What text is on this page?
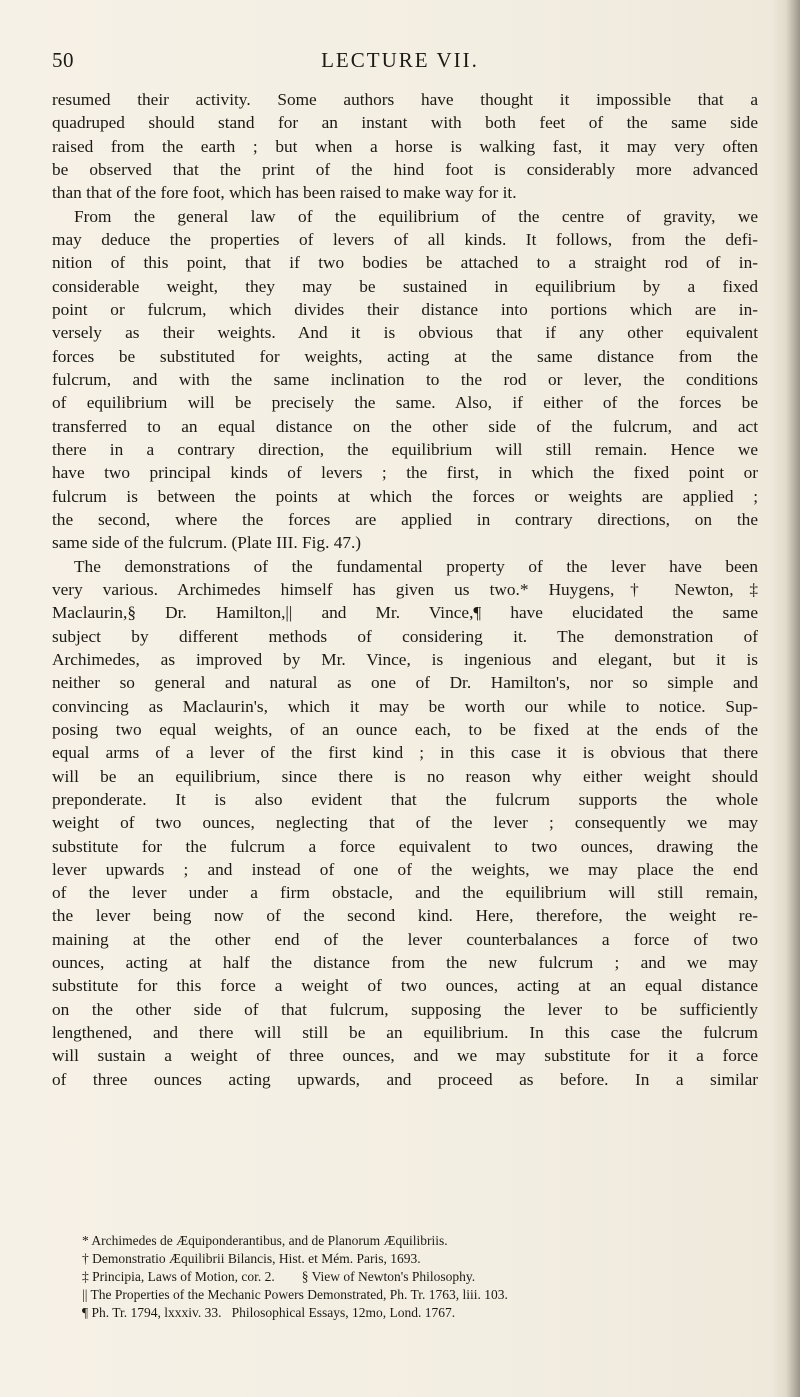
50	LECTURE VII.
resumed their activity. Some authors have thought it impossible that a
quadruped should stand for an instant with both feet of the same side
raised from the earth ; but when a horse is walking fast, it may very often
be observed that the print of the hind foot is considerably more advanced
than that of the fore foot, which has been raised to make way for it.
From the general law of the equilibrium of the centre of gravity, we
may deduce the properties of levers of all kinds. It follows, from the defi-
nition of this point, that if two bodies be attached to a straight rod of in-
considerable weight, they may be sustained in equilibrium by a fixed
point or fulcrum, which divides their distance into portions which are in-
versely as their weights. And it is obvious that if any other equivalent
forces be substituted for weights, acting at the same distance from the
fulcrum, and with the same inclination to the rod or lever, the conditions
of equilibrium will be precisely the same. Also, if either of the forces be
transferred to an equal distance on the other side of the fulcrum, and act
there in a contrary direction, the equilibrium will still remain. Hence we
have two principal kinds of levers ; the first, in which the fixed point or
fulcrum is between the points at which the forces or weights are applied ;
the second, where the forces are applied in contrary directions, on the
same side of the fulcrum. (Plate III. Fig. 47.)
The demonstrations of the fundamental property of the lever have been
very various. Archimedes himself has given us two.* Huygens,† Newton,‡
Maclaurin,§ Dr. Hamilton,|| and Mr. Vince,¶ have elucidated the same
subject by different methods of considering it. The demonstration of
Archimedes, as improved by Mr. Vince, is ingenious and elegant, but it is
neither so general and natural as one of Dr. Hamilton's, nor so simple and
convincing as Maclaurin's, which it may be worth our while to notice. Sup-
posing two equal weights, of an ounce each, to be fixed at the ends of the
equal arms of a lever of the first kind ; in this case it is obvious that there
will be an equilibrium, since there is no reason why either weight should
preponderate. It is also evident that the fulcrum supports the whole
weight of two ounces, neglecting that of the lever ; consequently we may
substitute for the fulcrum a force equivalent to two ounces, drawing the
lever upwards ; and instead of one of the weights, we may place the end
of the lever under a firm obstacle, and the equilibrium will still remain,
the lever being now of the second kind. Here, therefore, the weight re-
maining at the other end of the lever counterbalances a force of two
ounces, acting at half the distance from the new fulcrum ; and we may
substitute for this force a weight of two ounces, acting at an equal distance
on the other side of that fulcrum, supposing the lever to be sufficiently
lengthened, and there will still be an equilibrium. In this case the fulcrum
will sustain a weight of three ounces, and we may substitute for it a force
of three ounces acting upwards, and proceed as before. In a similar
* Archimedes de Æquiponderantibus, and de Planorum Æquilibriis.
† Demonstratio Æquilibrii Bilancis, Hist. et Mém. Paris, 1693.
‡ Principia, Laws of Motion, cor. 2.        § View of Newton's Philosophy.
|| The Properties of the Mechanic Powers Demonstrated, Ph. Tr. 1763, liii. 103.
¶ Ph. Tr. 1794, lxxxiv. 33.   Philosophical Essays, 12mo, Lond. 1767.
